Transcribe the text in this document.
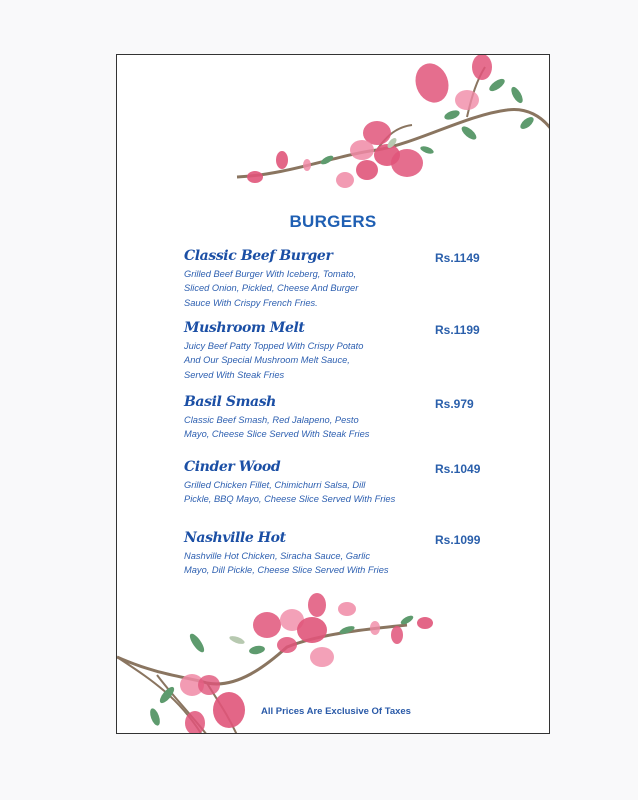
BURGERS
Classic Beef Burger	Rs.1149
Grilled Beef Burger With Iceberg, Tomato,
Sliced Onion, Pickled, Cheese And Burger
Sauce With Crispy French Fries.
Mushroom Melt	Rs.1199
Juicy Beef Patty Topped With Crispy Potato
And Our Special Mushroom Melt Sauce,
Served With Steak Fries
Basil Smash	Rs.979
Classic Beef Smash, Red Jalapeno, Pesto
Mayo, Cheese Slice Served With Steak Fries
Cinder Wood	Rs.1049
Grilled Chicken Fillet, Chimichurri Salsa, Dill
Pickle, BBQ Mayo, Cheese Slice Served With Fries
Nashville Hot	Rs.1099
Nashville Hot Chicken, Siracha Sauce, Garlic
Mayo, Dill Pickle, Cheese Slice Served With Fries
All Prices Are Exclusive Of Taxes
